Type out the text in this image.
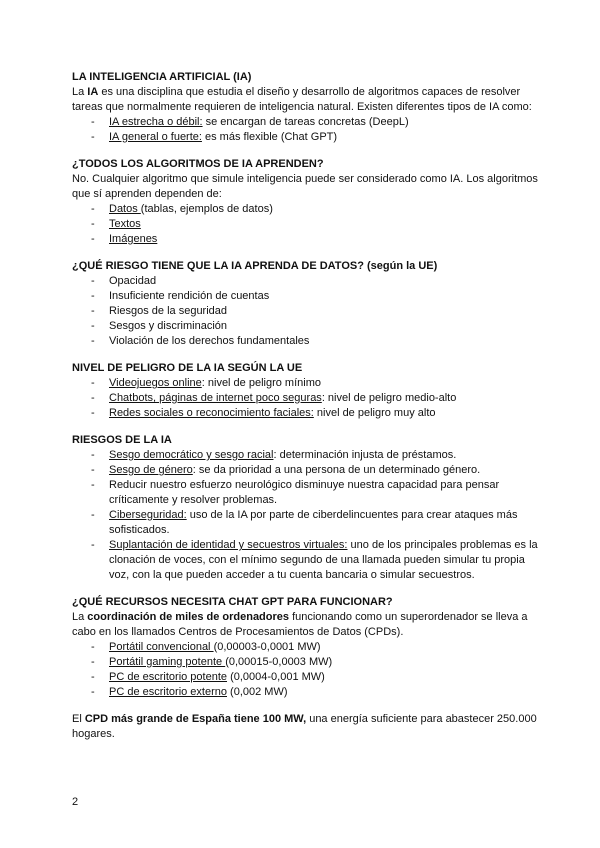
LA INTELIGENCIA ARTIFICIAL (IA)

La IA es una disciplina que estudia el diseño y desarrollo de algoritmos capaces de resolver tareas que normalmente requieren de inteligencia natural. Existen diferentes tipos de IA como:

- IA estrecha o débil: se encargan de tareas concretas (DeepL)
- IA general o fuerte: es más flexible (Chat GPT)

¿TODOS LOS ALGORITMOS DE IA APRENDEN?

No. Cualquier algoritmo que simule inteligencia puede ser considerado como IA. Los algoritmos que sí aprenden dependen de:

- Datos (tablas, ejemplos de datos)
- Textos
- Imágenes

¿QUÉ RIESGO TIENE QUE LA IA APRENDA DE DATOS? (según la UE)

- Opacidad
- Insuficiente rendición de cuentas
- Riesgos de la seguridad
- Sesgos y discriminación
- Violación de los derechos fundamentales

NIVEL DE PELIGRO DE LA IA SEGÚN LA UE

- Videojuegos online: nivel de peligro mínimo
- Chatbots, páginas de internet poco seguras: nivel de peligro medio-alto
- Redes sociales o reconocimiento faciales: nivel de peligro muy alto

RIESGOS DE LA IA

- Sesgo democrático y sesgo racial: determinación injusta de préstamos.
- Sesgo de género: se da prioridad a una persona de un determinado género.
- Reducir nuestro esfuerzo neurológico disminuye nuestra capacidad para pensar críticamente y resolver problemas.
- Ciberseguridad: uso de la IA por parte de ciberdelincuentes para crear ataques más sofisticados.
- Suplantación de identidad y secuestros virtuales: uno de los principales problemas es la clonación de voces, con el mínimo segundo de una llamada pueden simular tu propia voz, con la que pueden acceder a tu cuenta bancaria o simular secuestros.

¿QUÉ RECURSOS NECESITA CHAT GPT PARA FUNCIONAR?

La coordinación de miles de ordenadores funcionando como un superordenador se lleva a cabo en los llamados Centros de Procesamientos de Datos (CPDs).

- Portátil convencional (0,00003-0,0001 MW)
- Portátil gaming potente (0,00015-0,0003 MW)
- PC de escritorio potente (0,0004-0,001 MW)
- PC de escritorio externo (0,002 MW)

El CPD más grande de España tiene 100 MW, una energía suficiente para abastecer 250.000 hogares.

2
